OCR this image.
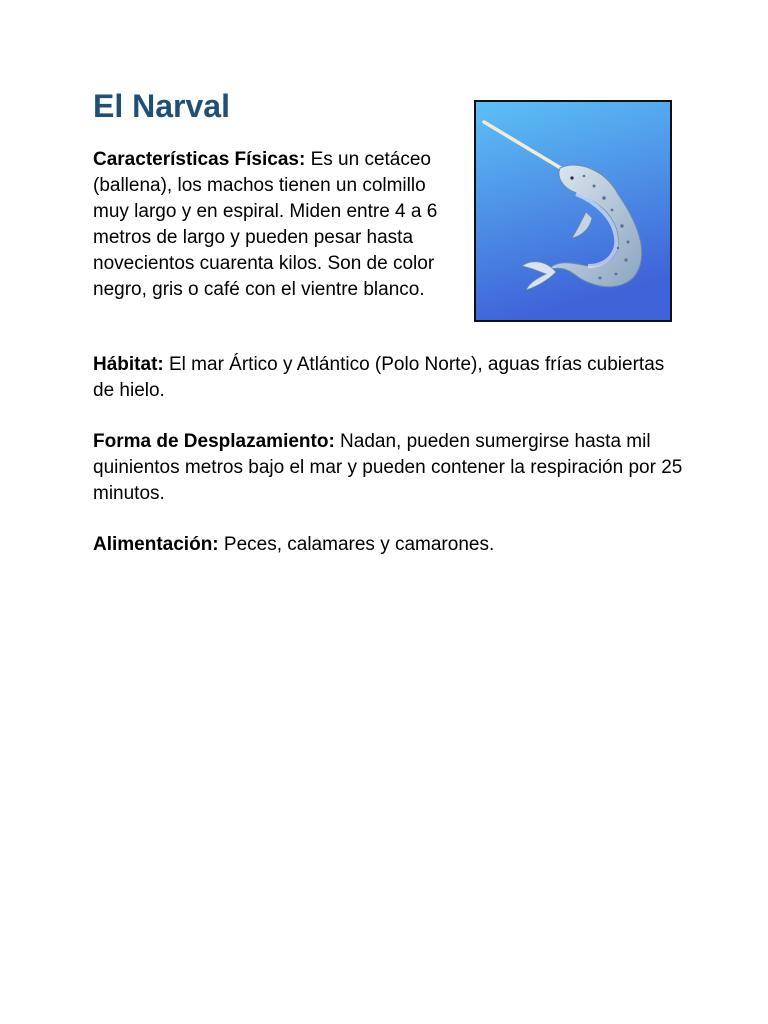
El Narval

Características Físicas: Es un cetáceo (ballena), los machos tienen un colmillo muy largo y en espiral. Miden entre 4 a 6 metros de largo y pueden pesar hasta novecientos cuarenta kilos. Son de color negro, gris o café con el vientre blanco.

Hábitat: El mar Ártico y Atlántico (Polo Norte), aguas frías cubiertas de hielo.

Forma de Desplazamiento: Nadan, pueden sumergirse hasta mil quinientos metros bajo el mar y pueden contener la respiración por 25 minutos.

Alimentación: Peces, calamares y camarones.
